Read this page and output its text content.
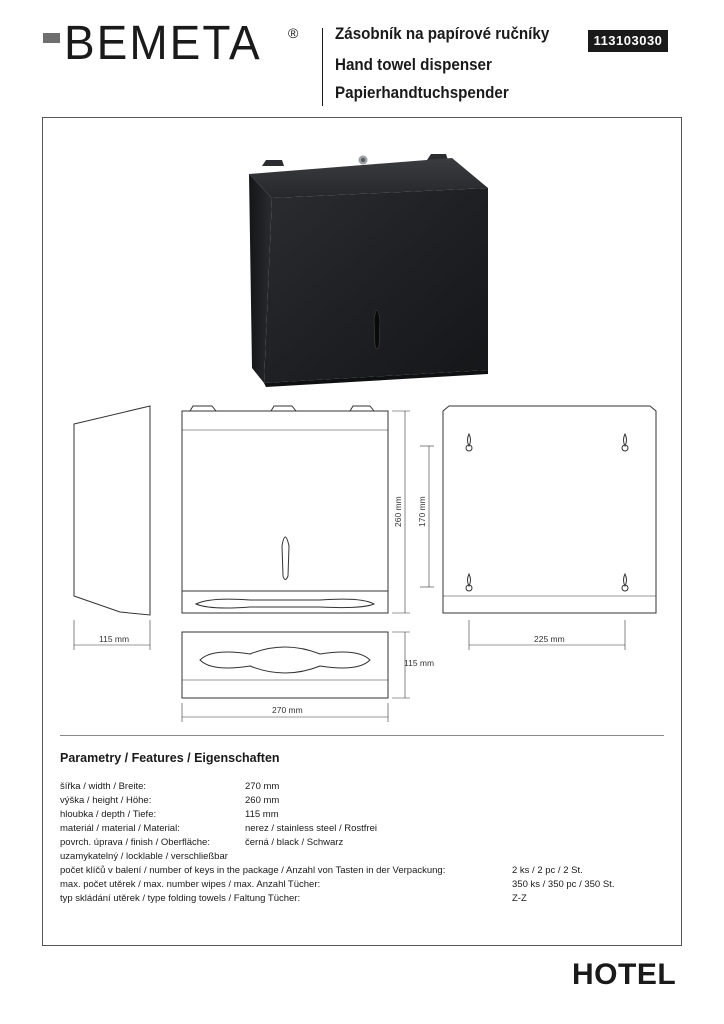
BEMETA ® Zásobník na papírové ručníky
Hand towel dispenser
Papierhandtuchspender
113103030
115 mm
260 mm 170 mm
225 mm
115 mm
270 mm
Parametry / Features / Eigenschaften
šířka / width / Breite:	270 mm
výška / height / Höhe:	260 mm
hloubka / depth / Tiefe:	115 mm
materiál / material / Material:	nerez / stainless steel / Rostfrei
povrch. úprava / finish / Oberfläche:	černá / black / Schwarz
uzamykatelný / locklable / verschließbar
počet klíčů v balení / number of keys in the package / Anzahl von Tasten in der Verpackung:	2 ks / 2 pc / 2 St.
max. počet utěrek / max. number wipes / max. Anzahl Tücher:	350 ks / 350 pc / 350 St.
typ skládání utěrek / type folding towels / Faltung Tücher:	Z-Z
HOTEL
